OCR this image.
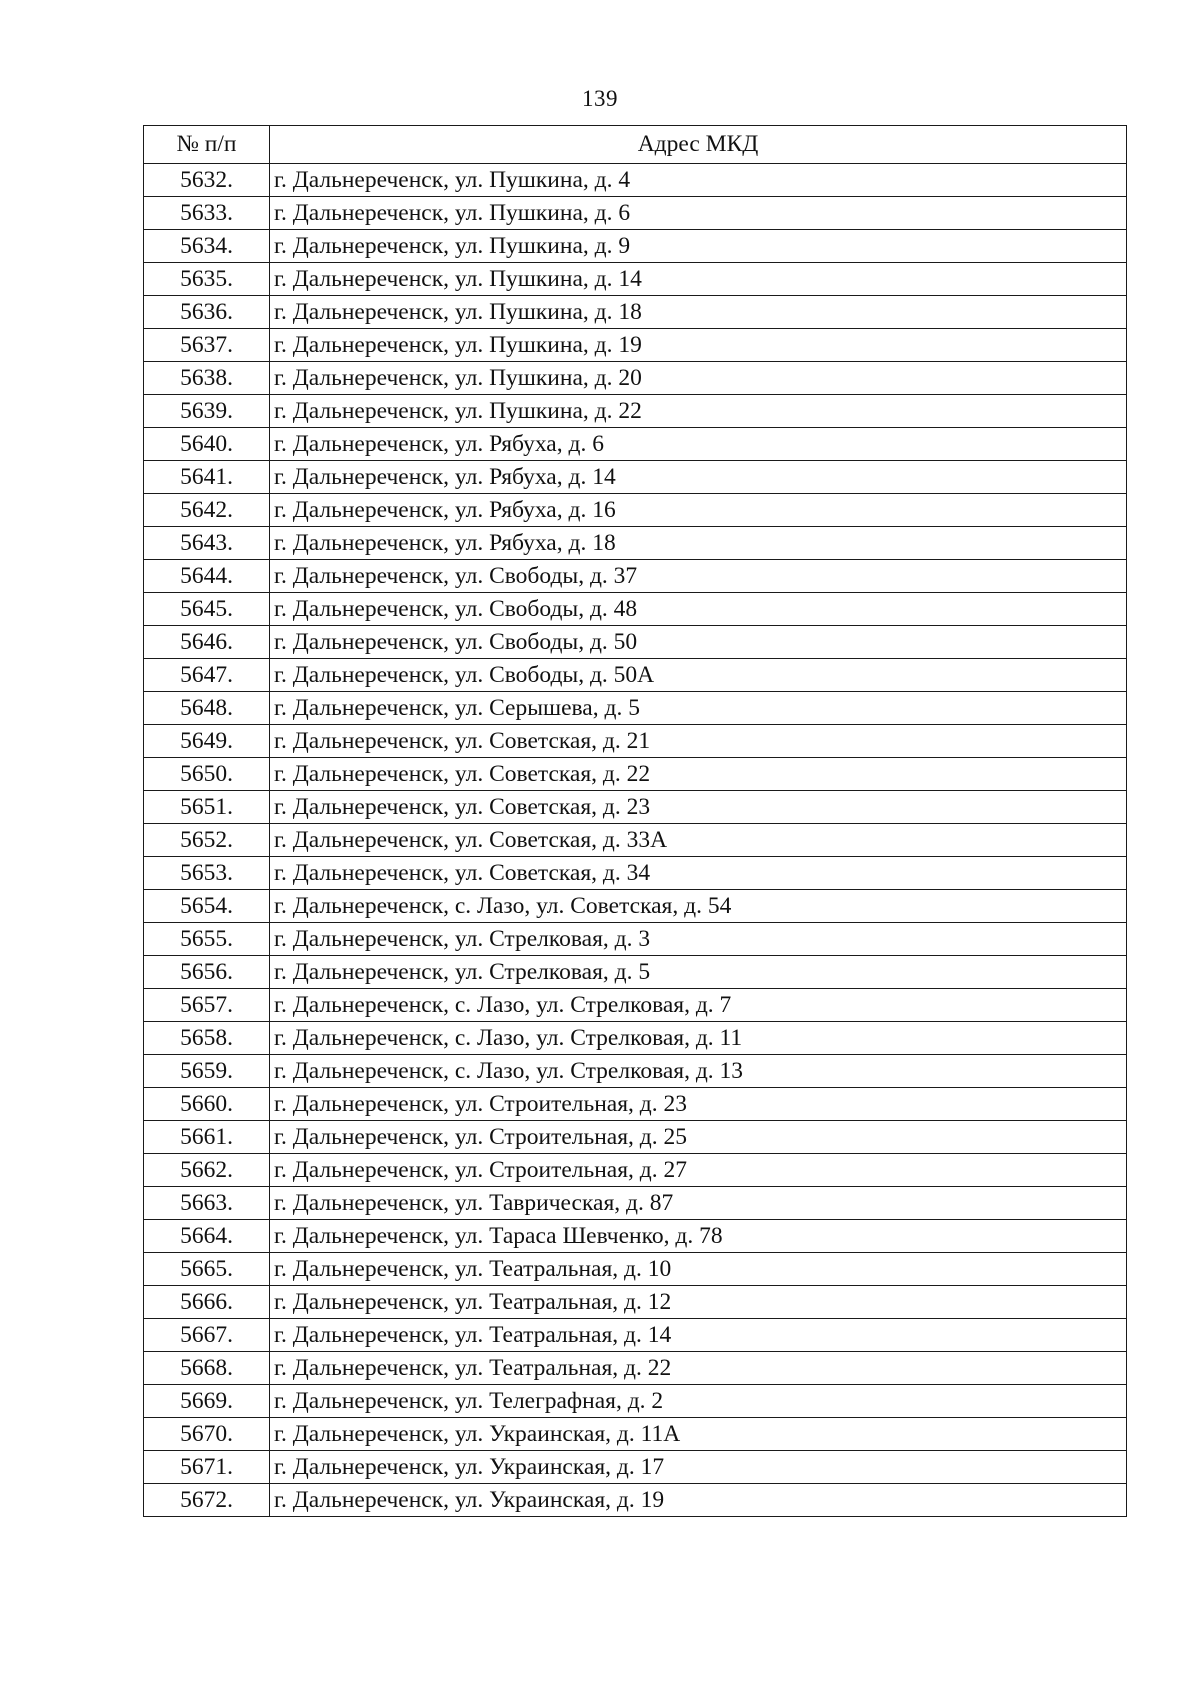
139
№ п/п	Адрес МКД
5632.	г. Дальнереченск, ул. Пушкина, д. 4
5633.	г. Дальнереченск, ул. Пушкина, д. 6
5634.	г. Дальнереченск, ул. Пушкина, д. 9
5635.	г. Дальнереченск, ул. Пушкина, д. 14
5636.	г. Дальнереченск, ул. Пушкина, д. 18
5637.	г. Дальнереченск, ул. Пушкина, д. 19
5638.	г. Дальнереченск, ул. Пушкина, д. 20
5639.	г. Дальнереченск, ул. Пушкина, д. 22
5640.	г. Дальнереченск, ул. Рябуха, д. 6
5641.	г. Дальнереченск, ул. Рябуха, д. 14
5642.	г. Дальнереченск, ул. Рябуха, д. 16
5643.	г. Дальнереченск, ул. Рябуха, д. 18
5644.	г. Дальнереченск, ул. Свободы, д. 37
5645.	г. Дальнереченск, ул. Свободы, д. 48
5646.	г. Дальнереченск, ул. Свободы, д. 50
5647.	г. Дальнереченск, ул. Свободы, д. 50А
5648.	г. Дальнереченск, ул. Серышева, д. 5
5649.	г. Дальнереченск, ул. Советская, д. 21
5650.	г. Дальнереченск, ул. Советская, д. 22
5651.	г. Дальнереченск, ул. Советская, д. 23
5652.	г. Дальнереченск, ул. Советская, д. 33А
5653.	г. Дальнереченск, ул. Советская, д. 34
5654.	г. Дальнереченск, с. Лазо, ул. Советская, д. 54
5655.	г. Дальнереченск, ул. Стрелковая, д. 3
5656.	г. Дальнереченск, ул. Стрелковая, д. 5
5657.	г. Дальнереченск, с. Лазо, ул. Стрелковая, д. 7
5658.	г. Дальнереченск, с. Лазо, ул. Стрелковая, д. 11
5659.	г. Дальнереченск, с. Лазо, ул. Стрелковая, д. 13
5660.	г. Дальнереченск, ул. Строительная, д. 23
5661.	г. Дальнереченск, ул. Строительная, д. 25
5662.	г. Дальнереченск, ул. Строительная, д. 27
5663.	г. Дальнереченск, ул. Таврическая, д. 87
5664.	г. Дальнереченск, ул. Тараса Шевченко, д. 78
5665.	г. Дальнереченск, ул. Театральная, д. 10
5666.	г. Дальнереченск, ул. Театральная, д. 12
5667.	г. Дальнереченск, ул. Театральная, д. 14
5668.	г. Дальнереченск, ул. Театральная, д. 22
5669.	г. Дальнереченск, ул. Телеграфная, д. 2
5670.	г. Дальнереченск, ул. Украинская, д. 11А
5671.	г. Дальнереченск, ул. Украинская, д. 17
5672.	г. Дальнереченск, ул. Украинская, д. 19
